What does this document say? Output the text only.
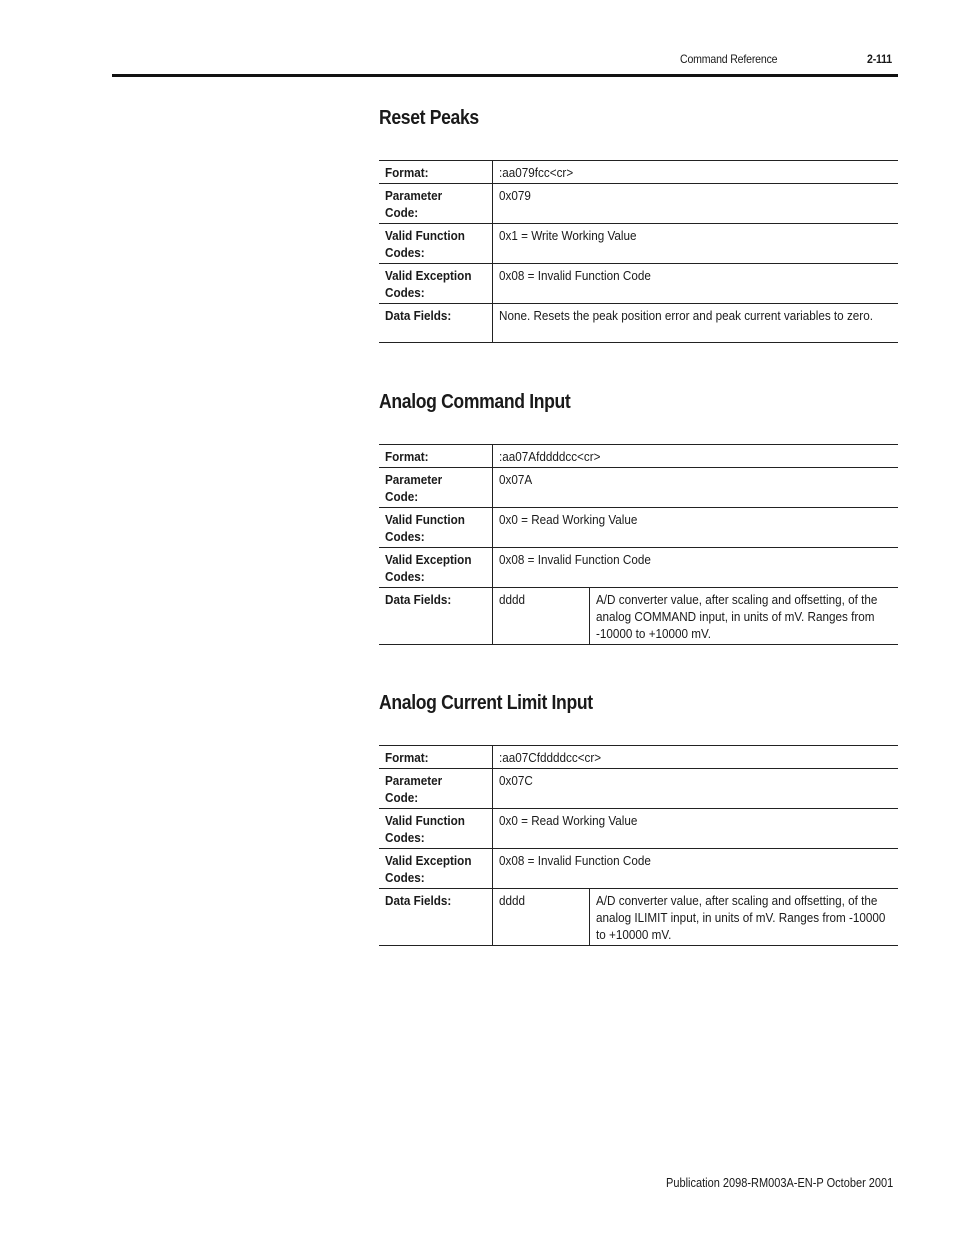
Command Reference	2-111
Reset Peaks
Format:	:aa079fcc<cr>
Parameter Code:	0x079
Valid Function Codes:	0x1 = Write Working Value
Valid Exception Codes:	0x08 = Invalid Function Code
Data Fields:	None. Resets the peak position error and peak current variables to zero.
Analog Command Input
Format:	:aa07Afddddcc<cr>	
Parameter Code:	0x07A	
Valid Function Codes:	0x0 = Read Working Value	
Valid Exception Codes:	0x08 = Invalid Function Code	
Data Fields:	dddd	A/D converter value, after scaling and offsetting, of the analog COMMAND input, in units of mV. Ranges from -10000 to +10000 mV.
Analog Current Limit Input
Format:	:aa07Cfddddcc<cr>	
Parameter Code:	0x07C	
Valid Function Codes:	0x0 = Read Working Value	
Valid Exception Codes:	0x08 = Invalid Function Code	
Data Fields:	dddd	A/D converter value, after scaling and offsetting, of the analog ILIMIT input, in units of mV. Ranges from -10000 to +10000 mV.
Publication 2098-RM003A-EN-P October 2001
